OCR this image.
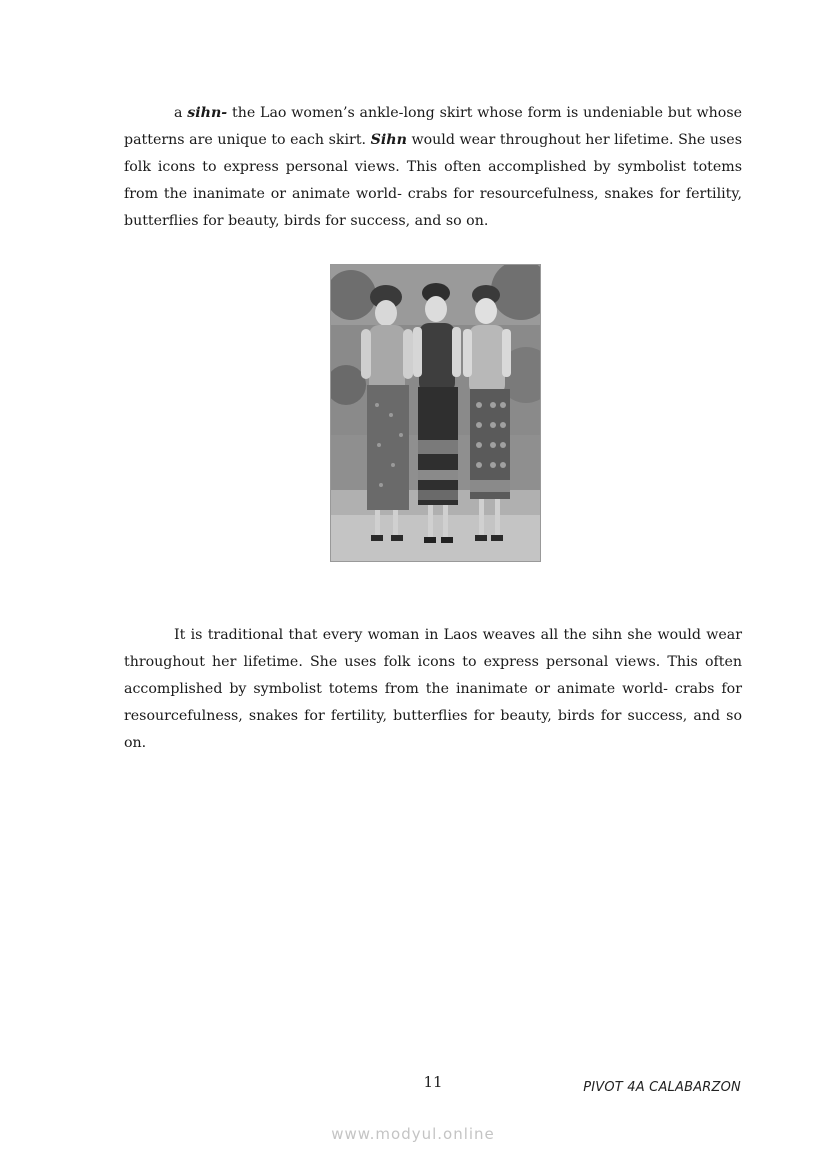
a sihn- the Lao women’s ankle-long skirt whose form is undeniable but whose patterns are unique to each skirt. Sihn would wear throughout her lifetime. She uses folk icons to express personal views. This often accomplished by symbolist totems from the inanimate or animate world- crabs for resourcefulness, snakes for fertility, butterflies for beauty, birds for success, and so on.

It is traditional that every woman in Laos weaves all the sihn she would wear throughout her lifetime. She uses folk icons to express personal views. This often accomplished by symbolist totems from the inanimate or animate world- crabs for resourcefulness, snakes for fertility, butterflies for beauty, birds for success, and so on.

11	PIVOT 4A CALABARZON
www.modyul.online
